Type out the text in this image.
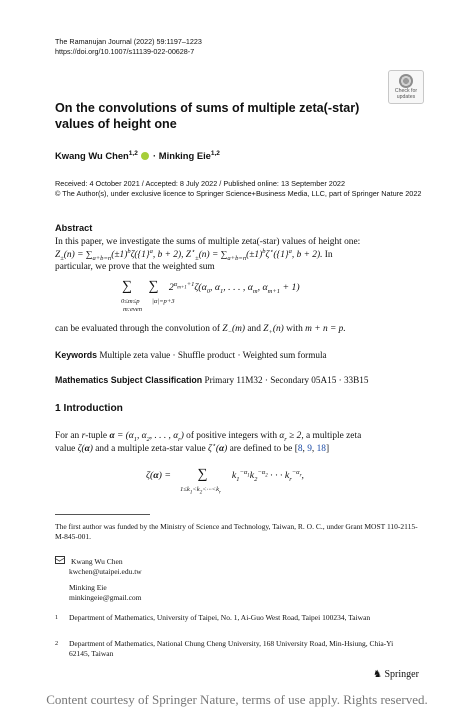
The Ramanujan Journal (2022) 59:1197–1223
https://doi.org/10.1007/s11139-022-00628-7
Check for
updates
On the convolutions of sums of multiple zeta(-star) values of height one
Kwang Wu Chen$^{1,2}$  · Minking Eie$^{1,2}$
Received: 4 October 2021 / Accepted: 8 July 2022 / Published online: 13 September 2022
© The Author(s), under exclusive licence to Springer Science+Business Media, LLC, part of Springer Nature 2022
Abstract
In this paper, we investigate the sums of multiple zeta(-star) values of height one:
$Z_\pm(n) = \sum_{a+b=n}(\pm 1)^b\zeta(\{1\}^a$, b + 2), $Z^⋆_\pm(n) = \sum_{a+b=n}(\pm 1)^b\zeta^⋆(\{1\}^a$, b + 2). In
particular, we prove that the weighted sum
∑ ∑ $2^{\alpha_{m+1}+1}\zeta(\alpha_0$, $\alpha_1$, . . . , $\alpha_m$, $\alpha_{m+1} + 1$)
0≤m≤p
m:even
|α|=p+3
can be evaluated through the convolution of $Z_-(m)$ and $Z_+(n)$ with m + n = p.
Keywords Multiple zeta value · Shuffle product · Weighted sum formula
Mathematics Subject Classification Primary 11M32 · Secondary 05A15 · 33B15
1 Introduction
For an r-tuple $\alpha = (\alpha_1$, $\alpha_2$, . . . , $\alpha_r$) of positive integers with $\alpha_r \ge 2$, a multiple zeta
value ζ(α) and a multiple zeta-star value ζ⋆(α) are defined to be [8, 9, 18]
ζ(α) = ∑ $k_1^{-\alpha_1}k_2^{-\alpha_2}$ · · · $k_r^{-\alpha_r}$,
$1\le k_1<k_2<\cdot\cdot\cdot<k_r$
The first author was funded by the Ministry of Science and Technology, Taiwan, R. O. C., under Grant MOST 110-2115-M-845-001.
Kwang Wu Chen
kwchen@utaipei.edu.tw
Minking Eie
minkingeie@gmail.com
1 Department of Mathematics, University of Taipei, No. 1, Ai-Guo West Road, Taipei 100234, Taiwan
2 Department of Mathematics, National Chung Cheng University, 168 University Road, Min-Hsiung, Chia-Yi 62145, Taiwan
♞ Springer
Content courtesy of Springer Nature, terms of use apply. Rights reserved.
